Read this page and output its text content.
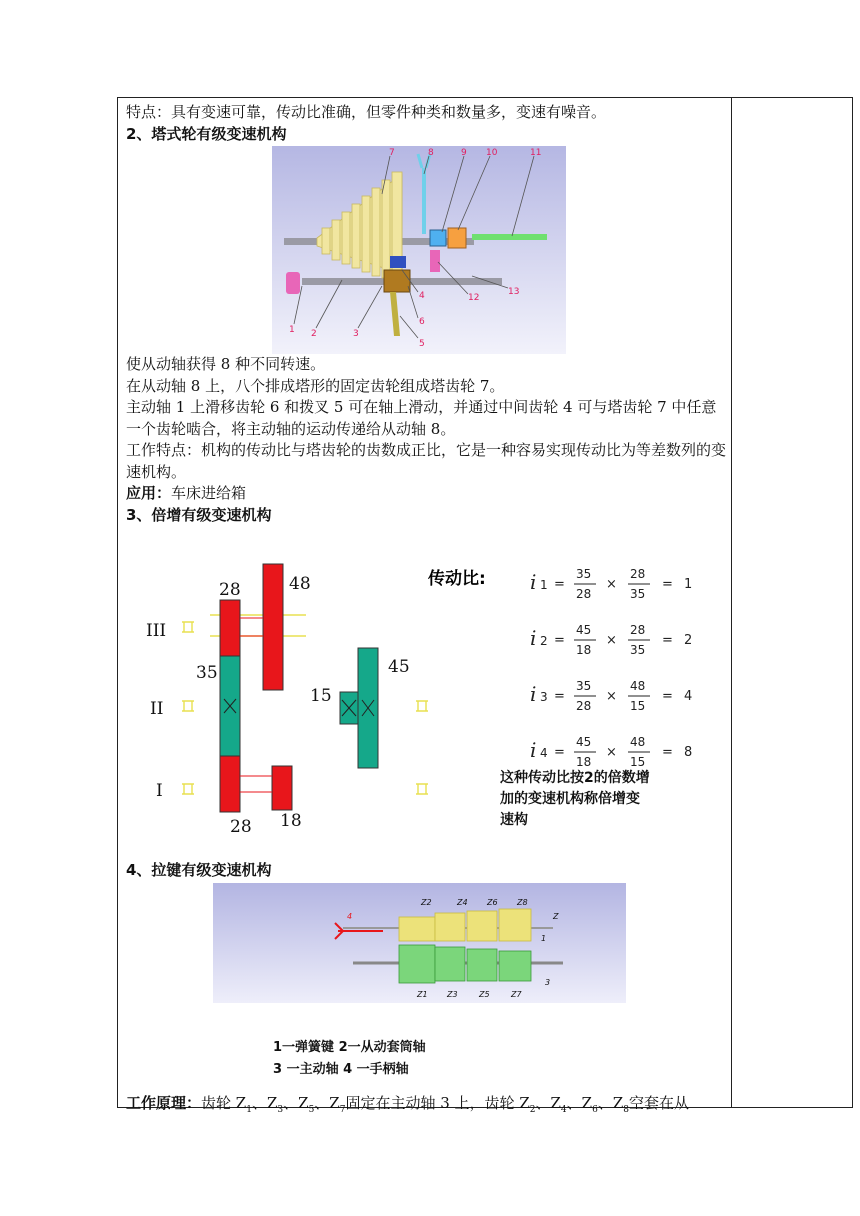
特点：具有变速可靠，传动比准确，但零件种类和数量多，变速有噪音。

2、塔式轮有级变速机构

7	8	9 10	11
1 2	3
4
5
6
12
13

使从动轴获得 8 种不同转速。

在从动轴 8 上，八个排成塔形的固定齿轮组成塔齿轮 7。

主动轴 1 上滑移齿轮 6 和拨叉 5 可在轴上滑动，并通过中间齿轮 4 可与塔齿轮 7 中任意一个齿轮啮合，将主动轴的运动传递给从动轴 8。

工作特点：机构的传动比与塔齿轮的齿数成正比，它是一种容易实现传动比为等差数列的变速机构。

应用：车床进给箱

3、倍增有级变速机构

III
II
I
28	48
35
15
45
28 18
传动比: i 1 =
35
28
×
28
35
= 1
i 2 =
45
18
×
28
35
= 2
i 3 =
35
28
×
48
15
= 4
i 4 =
45
18
×
48
15
= 8
这种传动比按2的倍数增
加的变速机构称倍增变
速构

4、拉键有级变速机构

Z2	Z4 Z6 Z8
Z
Z1 Z3	Z5	Z7
4
1
3
1一弹簧键 2一从动套筒轴
3 一主动轴 4 一手柄轴

工作原理：齿轮 $Z_1$、$Z_3$、$Z_5$、$Z_7$固定在主动轴 3 上，齿轮 $Z_2$、$Z_4$、$Z_6$、$Z_8$空套在从
